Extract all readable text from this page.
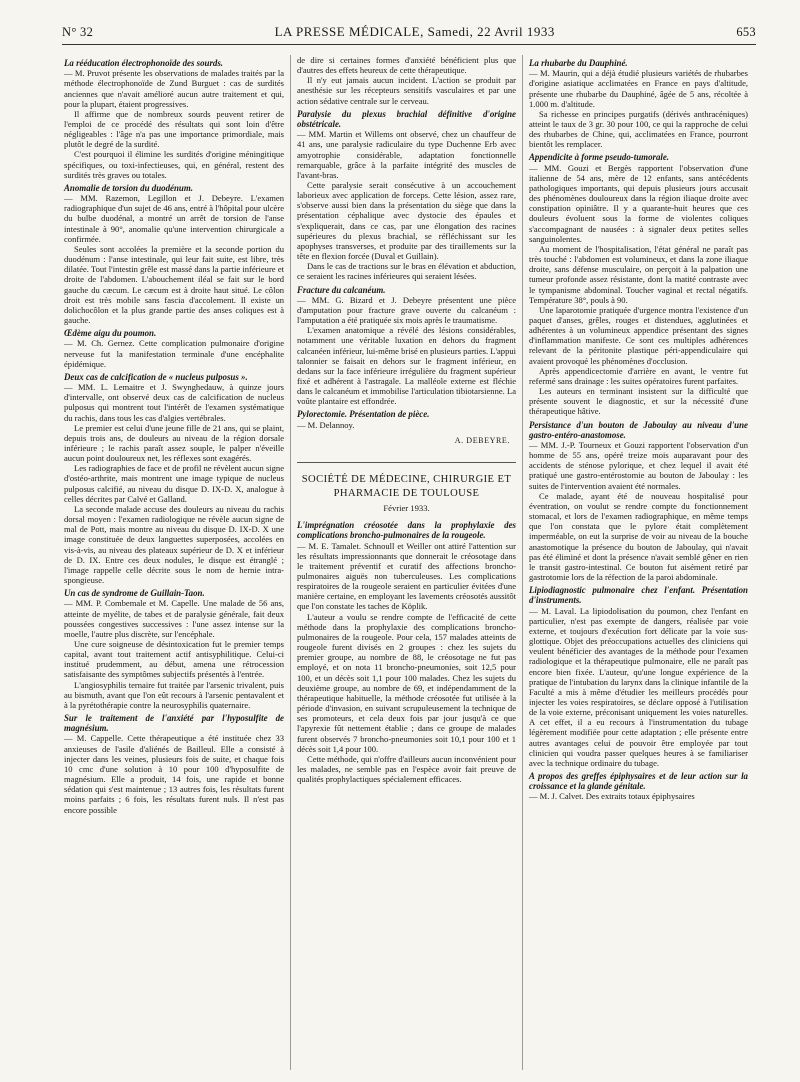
N° 32	LA PRESSE MÉDICALE, Samedi, 22 Avril 1933	653
La rééducation électrophonoïde des sourds.

— M. Pruvot présente les observations de malades traités par la méthode électrophonoïde de Zund Burguet : cas de surdités anciennes que n'avait amélioré aucun autre traitement et qui, pour la plupart, étaient progressives.

Il affirme que de nombreux sourds peuvent retirer de l'emploi de ce procédé des résultats qui sont loin d'être négligeables : l'âge n'a pas une importance primordiale, mais plutôt le degré de la surdité.

C'est pourquoi il élimine les surdités d'origine méningitique spécifiques, ou toxi-infectieuses, qui, en général, restent des surdités très graves ou totales.

Anomalie de torsion du duodénum.

— MM. Razemon, Legillon et J. Debeyre. L'examen radiographique d'un sujet de 46 ans, entré à l'hôpital pour ulcère du bulbe duodénal, a montré un arrêt de torsion de l'anse intestinale à 90°, anomalie qu'une intervention chirurgicale a confirmée.

Seules sont accolées la première et la seconde portion du duodénum : l'anse intestinale, qui leur fait suite, est libre, très dilatée. Tout l'intestin grêle est massé dans la partie inférieure et droite de l'abdomen. L'abouchement iléal se fait sur le bord gauche du cæcum. Le cæcum est à droite haut situé. Le côlon droit est très mobile sans fascia d'accolement. Il existe un dolichocôlon et la plus grande partie des anses coliques est à gauche.

Œdème aigu du poumon.

— M. Ch. Gernez. Cette complication pulmonaire d'origine nerveuse fut la manifestation terminale d'une encéphalite épidémique.

Deux cas de calcification de « nucleus pulposus ».

— MM. L. Lemaitre et J. Swynghedauw, à quinze jours d'intervalle, ont observé deux cas de calcification de nucleus pulposus qui montrent tout l'intérêt de l'examen systématique du rachis, dans tous les cas d'algies vertébrales.

Le premier est celui d'une jeune fille de 21 ans, qui se plaint, depuis trois ans, de douleurs au niveau de la région dorsale inférieure ; le rachis paraît assez souple, le palper n'éveille aucun point douloureux net, les réflexes sont exagérés.

Les radiographies de face et de profil ne révèlent aucun signe d'ostéo-arthrite, mais montrent une image typique de nucleus pulposus calcifié, au niveau du disque D. IX-D. X, analogue à celles décrites par Calvé et Galland.

La seconde malade accuse des douleurs au niveau du rachis dorsal moyen : l'examen radiologique ne révèle aucun signe de mal de Pott, mais montre au niveau du disque D. IX-D. X une image constituée de deux languettes superposées, accolées en vis-à-vis, au niveau des plateaux supérieur de D. X et inférieur de D. IX. Entre ces deux nodules, le disque est étranglé ; l'image rappelle celle décrite sous le nom de hernie intra-spongieuse.

Un cas de syndrome de Guillain-Taon.

— MM. P. Combemale et M. Capelle. Une malade de 56 ans, atteinte de myélite, de tabes et de paralysie générale, fait deux poussées congestives successives : l'une assez intense sur la moelle, l'autre plus discrète, sur l'encéphale.

Une cure soigneuse de désintoxication fut le premier temps capital, avant tout traitement actif antisyphilitique. Celui-ci institué prudemment, au début, amena une rétrocession satisfaisante des symptômes subjectifs présentés à l'entrée.

L'angiosyphilis ternaire fut traitée par l'arsenic trivalent, puis au bismuth, avant que l'on eût recours à l'arsenic pentavalent et à la pyrétothérapie contre la neurosyphilis quaternaire.

Sur le traitement de l'anxiété par l'hyposulfite de magnésium.

— M. Cappelle. Cette thérapeutique a été instituée chez 33 anxieuses de l'asile d'aliénés de Bailleul. Elle a consisté à injecter dans les veines, plusieurs fois de suite, et chaque fois 10 cmc d'une solution à 10 pour 100 d'hyposulfite de magnésium. Elle a produit, 14 fois, une rapide et bonne sédation qui s'est maintenue ; 13 autres fois, les résultats furent moins parfaits ; 6 fois, les résultats furent nuls. Il n'est pas encore possible

de dire si certaines formes d'anxiété bénéficient plus que d'autres des effets heureux de cette thérapeutique.

Il n'y eut jamais aucun incident. L'action se produit par anesthésie sur les récepteurs sensitifs vasculaires et par une action sédative centrale sur le cerveau.

Paralysie du plexus brachial définitive d'origine obstétricale.

— MM. Martin et Willems ont observé, chez un chauffeur de 41 ans, une paralysie radiculaire du type Duchenne Erb avec amyotrophie considérable, adaptation fonctionnelle remarquable, grâce à la parfaite intégrité des muscles de l'avant-bras.

Cette paralysie serait consécutive à un accouchement laborieux avec application de forceps. Cette lésion, assez rare, s'observe aussi bien dans la présentation du siège que dans la présentation céphalique avec dystocie des épaules et s'expliquerait, dans ce cas, par une élongation des racines supérieures du plexus brachial, se réfléchissant sur les apophyses transverses, et produite par des tiraillements sur la tête en flexion forcée (Duval et Guillain).

Dans le cas de tractions sur le bras en élévation et abduction, ce seraient les racines inférieures qui seraient lésées.

Fracture du calcanéum.

— MM. G. Bizard et J. Debeyre présentent une pièce d'amputation pour fracture grave ouverte du calcanéum : l'amputation a été pratiquée six mois après le traumatisme.

L'examen anatomique a révélé des lésions considérables, notamment une véritable luxation en dehors du fragment calcanéen inférieur, lui-même brisé en plusieurs parties. L'appui talonnier se faisait en dehors sur le fragment inférieur, en dedans sur la face inférieure irrégulière du fragment supérieur fixé et adhérent à l'astragale. La malléole externe est fléchie dans le calcanéum et immobilise l'articulation tibiotarsienne. La voûte plantaire est effondrée.

Pylorectomie. Présentation de pièce.

— M. Delannoy.

A. DEBEYRE.
SOCIÉTÉ DE MÉDECINE, CHIRURGIE ET PHARMACIE DE TOULOUSE
Février 1933.
L'imprégnation créosotée dans la prophylaxie des complications broncho-pulmonaires de la rougeole.

— M. E. Tamalet. Schnoull et Weiller ont attiré l'attention sur les résultats impressionnants que donnerait le créosotage dans le traitement préventif et curatif des affections broncho-pulmonaires aiguës non tuberculeuses. Les complications respiratoires de la rougeole seraient en particulier évitées d'une manière certaine, en employant les lavements créosotés aussitôt que l'on constate les taches de Köplik.

L'auteur a voulu se rendre compte de l'efficacité de cette méthode dans la prophylaxie des complications broncho-pulmonaires de la rougeole. Pour cela, 157 malades atteints de rougeole furent divisés en 2 groupes : chez les sujets du premier groupe, au nombre de 88, le créosotage ne fut pas employé, et on nota 11 broncho-pneumonies, soit 12,5 pour 100, et un décès soit 1,1 pour 100 malades. Chez les sujets du deuxième groupe, au nombre de 69, et indépendamment de la thérapeutique habituelle, la méthode créosotée fut utilisée à la période d'invasion, en suivant scrupuleusement la technique de ses promoteurs, et cela deux fois par jour jusqu'à ce que l'apyrexie fût nettement établie ; dans ce groupe de malades furent observés 7 broncho-pneumonies soit 10,1 pour 100 et 1 décès soit 1,4 pour 100.

Cette méthode, qui n'offre d'ailleurs aucun inconvénient pour les malades, ne semble pas en l'espèce avoir fait preuve de qualités prophylactiques spécialement efficaces.

La rhubarbe du Dauphiné.

— M. Maurin, qui a déjà étudié plusieurs variétés de rhubarbes d'origine asiatique acclimatées en France en pays d'altitude, présente une rhubarbe du Dauphiné, âgée de 5 ans, récoltée à 1.000 m. d'altitude.

Sa richesse en principes purgatifs (dérivés anthracéniques) atteint le taux de 3 gr. 30 pour 100, ce qui la rapproche de celui des rhubarbes de Chine, qui, acclimatées en France, pourront bientôt les remplacer.

Appendicite à forme pseudo-tumorale.

— MM. Gouzi et Bergès rapportent l'observation d'une italienne de 54 ans, mère de 12 enfants, sans antécédents pathologiques importants, qui depuis plusieurs jours accusait des phénomènes douloureux dans la région iliaque droite avec constipation opiniâtre. Il y a quarante-huit heures que ces douleurs évoluent sous la forme de violentes coliques s'accompagnant de nausées : à signaler deux petites selles sanguinolentes.

Au moment de l'hospitalisation, l'état général ne paraît pas très touché : l'abdomen est volumineux, et dans la zone iliaque droite, sans défense musculaire, on perçoit à la palpation une tumeur profonde assez résistante, dont la matité contraste avec le tympanisme abdominal. Toucher vaginal et rectal négatifs. Température 38°, pouls à 90.

Une laparotomie pratiquée d'urgence montra l'existence d'un paquet d'anses, grêles, rouges et distendues, agglutinées et adhérentes à un volumineux appendice présentant des signes d'inflammation manifeste. Ce sont ces multiples adhérences relevant de la péritonite plastique péri-appendiculaire qui avaient provoqué les phénomènes d'occlusion.

Après appendicectomie d'arrière en avant, le ventre fut refermé sans drainage : les suites opératoires furent parfaites.

Les auteurs en terminant insistent sur la difficulté que présente souvent le diagnostic, et sur la nécessité d'une thérapeutique hâtive.

Persistance d'un bouton de Jaboulay au niveau d'une gastro-entéro-anastomose.

— MM. J.-P. Tourneux et Gouzi rapportent l'observation d'un homme de 55 ans, opéré treize mois auparavant pour des accidents de sténose pylorique, et chez lequel il avait été pratiqué une gastro-entérostomie au bouton de Jaboulay : les suites de l'intervention avaient été normales.

Ce malade, ayant été de nouveau hospitalisé pour éventration, on voulut se rendre compte du fonctionnement stomacal, et lors de l'examen radiographique, en même temps que l'on constata que le pylore était complètement imperméable, on eut la surprise de voir au niveau de la bouche anastomotique la présence du bouton de Jaboulay, qui n'avait pas été éliminé et dont la présence n'avait semblé gêner en rien le transit gastro-intestinal. Ce bouton fut aisément retiré par gastrotomie lors de la réfection de la paroi abdominale.

Lipiodiagnostic pulmonaire chez l'enfant. Présentation d'instruments.

— M. Laval. La lipiodolisation du poumon, chez l'enfant en particulier, n'est pas exempte de dangers, réalisée par voie externe, et toujours d'exécution fort délicate par la voie sus-glottique. Objet des préoccupations actuelles des cliniciens qui veulent bénéficier des avantages de la méthode pour l'examen radiologique et la thérapeutique pulmonaire, elle ne paraît pas encore bien fixée. L'auteur, qu'une longue expérience de la pratique de l'intubation du larynx dans la clinique infantile de la Faculté a mis à même d'étudier les meilleurs procédés pour injecter les voies respiratoires, se déclare opposé à l'utilisation de la voie externe, préconisant uniquement les voies naturelles. A cet effet, il a eu recours à l'instrumentation du tubage légèrement modifiée pour cette adaptation ; elle présente entre autres avantages celui de pouvoir être employée par tout clinicien qui voudra passer quelques heures à se familiariser avec la technique ordinaire du tubage.

A propos des greffes épiphysaires et de leur action sur la croissance et la glande génitale.

— M. J. Calvet. Des extraits totaux épiphysaires
